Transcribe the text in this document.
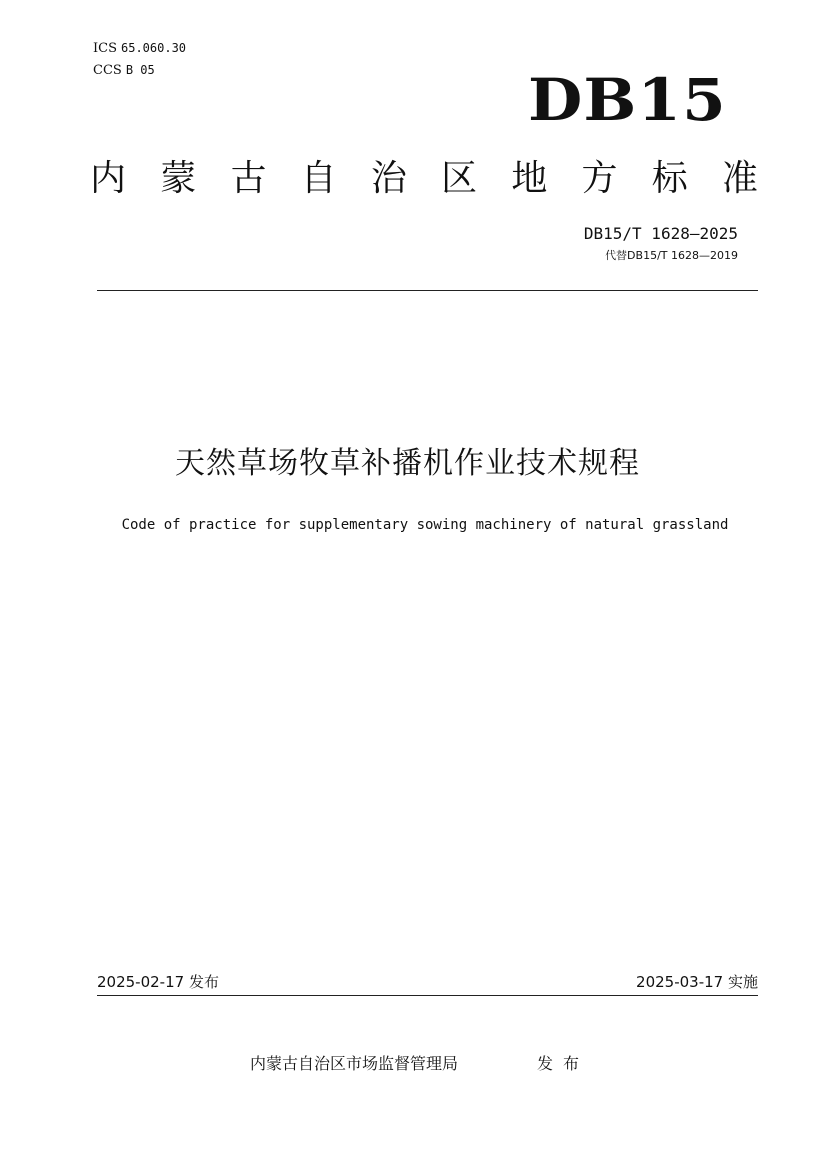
ICS 65.060.30
CCS B 05	DB15
内 蒙 古 自 治 区 地 方 标 准
DB15/T 1628—2025
代替DB15/T 1628—2019
天然草场牧草补播机作业技术规程
Code of practice for supplementary sowing machinery of natural grassland
2025-02-17 发布	2025-03-17 实施
内蒙古自治区市场监督管理局	发布
